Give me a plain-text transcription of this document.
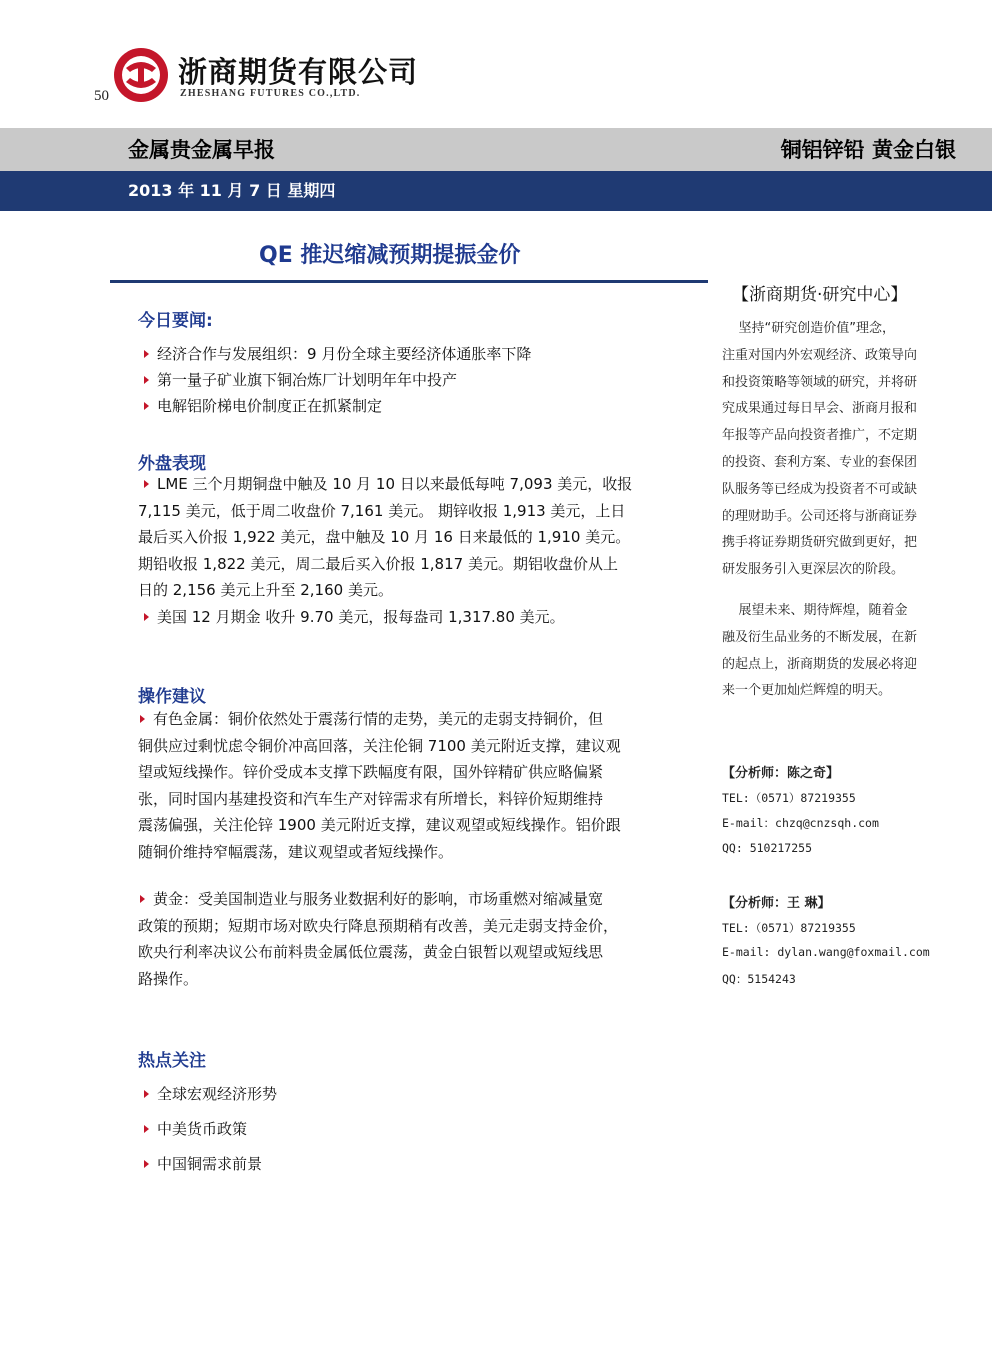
50
浙商期货有限公司
ZHESHANG FUTURES CO.,LTD.
金属贵金属早报	铜铝锌铅 黄金白银
2013 年 11 月 7 日 星期四
QE 推迟缩减预期提振金价
今日要闻:
经济合作与发展组织：9 月份全球主要经济体通胀率下降
第一量子矿业旗下铜冶炼厂计划明年年中投产
电解铝阶梯电价制度正在抓紧制定
外盘表现
LME 三个月期铜盘中触及 10 月 10 日以来最低每吨 7,093 美元，收报
7,115 美元，低于周二收盘价 7,161 美元。 期锌收报 1,913 美元，上日
最后买入价报 1,922 美元，盘中触及 10 月 16 日来最低的 1,910 美元。
期铅收报 1,822 美元，周二最后买入价报 1,817 美元。期铝收盘价从上
日的 2,156 美元上升至 2,160 美元。
美国 12 月期金 收升 9.70 美元，报每盎司 1,317.80 美元。
操作建议
有色金属：铜价依然处于震荡行情的走势，美元的走弱支持铜价，但
铜供应过剩忧虑令铜价冲高回落，关注伦铜 7100 美元附近支撑，建议观
望或短线操作。锌价受成本支撑下跌幅度有限，国外锌精矿供应略偏紧
张，同时国内基建投资和汽车生产对锌需求有所增长，料锌价短期维持
震荡偏强，关注伦锌 1900 美元附近支撑，建议观望或短线操作。铝价跟
随铜价维持窄幅震荡，建议观望或者短线操作。
黄金：受美国制造业与服务业数据利好的影响，市场重燃对缩减量宽
政策的预期；短期市场对欧央行降息预期稍有改善，美元走弱支持金价，
欧央行利率决议公布前料贵金属低位震荡，黄金白银暂以观望或短线思
路操作。
热点关注
全球宏观经济形势
中美货币政策
中国铜需求前景
【浙商期货·研究中心】
坚持“研究创造价值”理念，
注重对国内外宏观经济、政策导向
和投资策略等领域的研究，并将研
究成果通过每日早会、浙商月报和
年报等产品向投资者推广，不定期
的投资、套利方案、专业的套保团
队服务等已经成为投资者不可或缺
的理财助手。公司还将与浙商证券
携手将证券期货研究做到更好，把
研发服务引入更深层次的阶段。
展望未来、期待辉煌，随着金
融及衍生品业务的不断发展，在新
的起点上，浙商期货的发展必将迎
来一个更加灿烂辉煌的明天。
【分析师：陈之奇】
TEL:（0571）87219355
E-mail：chzq@cnzsqh.com
QQ: 510217255
【分析师：王 琳】
TEL:（0571）87219355
E-mail: dylan.wang@foxmail.com
QQ：5154243
